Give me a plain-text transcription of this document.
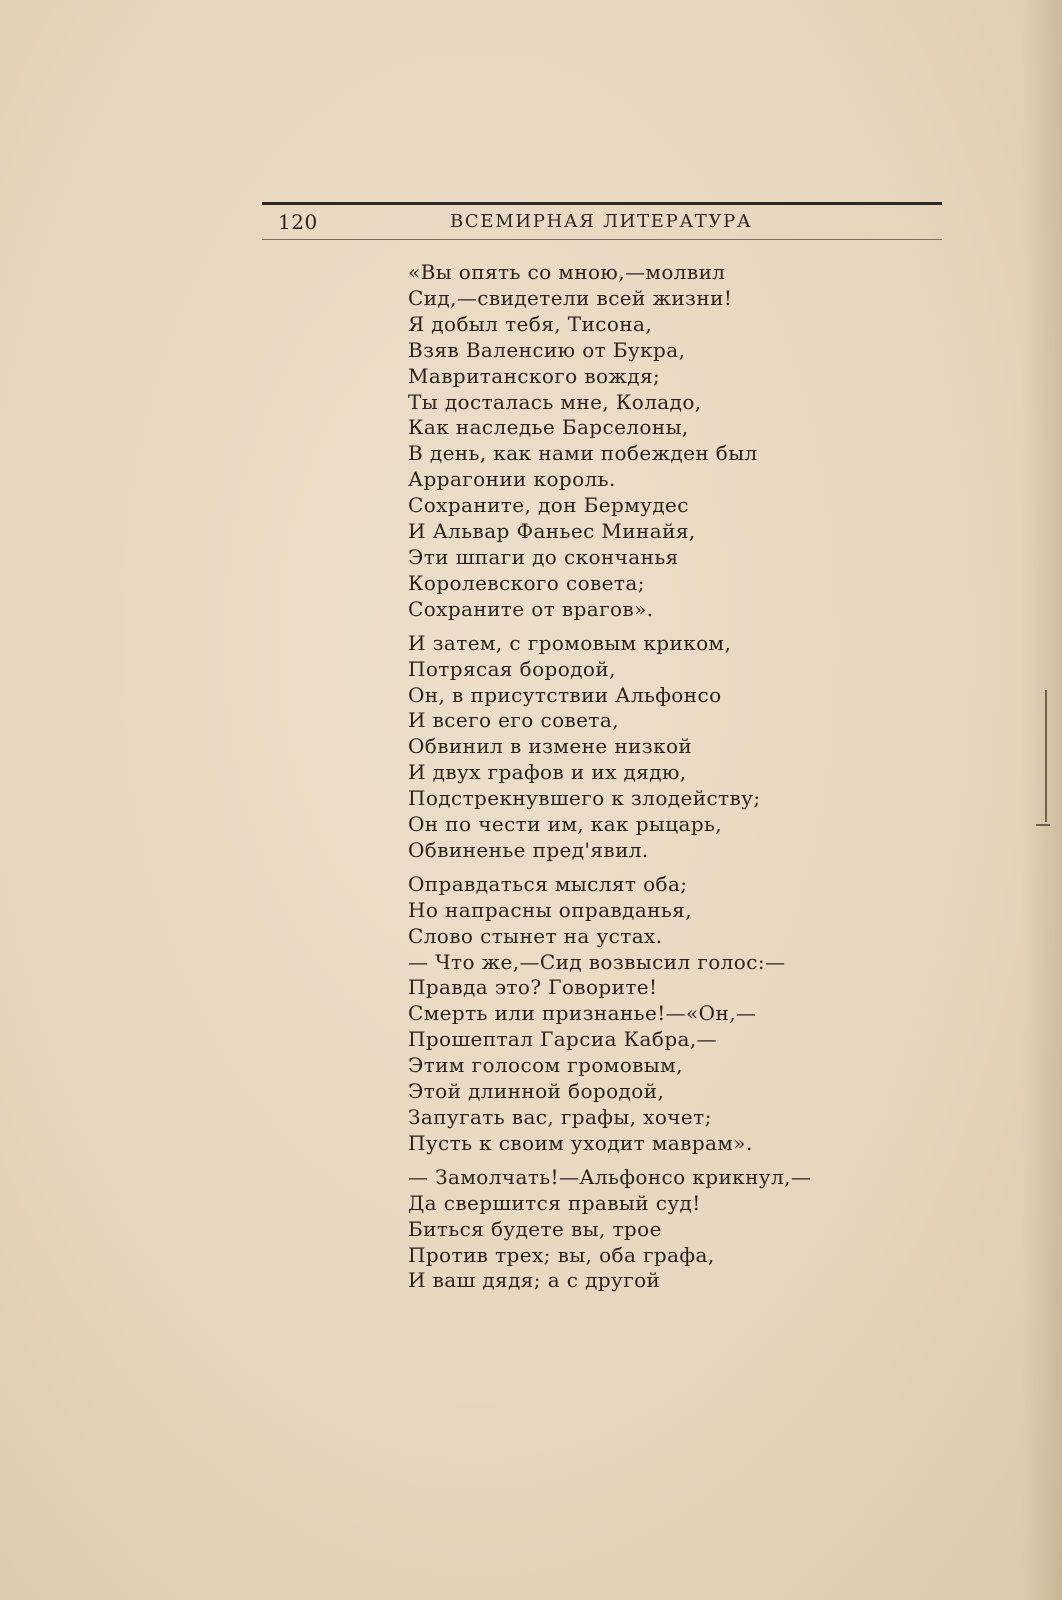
120	ВСЕМИРНАЯ ЛИТЕРАТУРА
«Вы опять со мною,—молвил
Сид,—свидетели всей жизни!
Я добыл тебя, Тисона,
Взяв Валенсию от Букра,
Мавританского вождя;
Ты досталась мне, Коладо,
Как наследье Барселоны,
В день, как нами побежден был
Аррагонии король.
Сохраните, дон Бермудес
И Альвар Фаньес Минайя,
Эти шпаги до скончанья
Королевского совета;
Сохраните от врагов».
И затем, с громовым криком,
Потрясая бородой,
Он, в присутствии Альфонсо
И всего его совета,
Обвинил в измене низкой
И двух графов и их дядю,
Подстрекнувшего к злодейству;
Он по чести им, как рыцарь,
Обвиненье пред'явил.
Оправдаться мыслят оба;
Но напрасны оправданья,
Слово стынет на устах.
— Что же,—Сид возвысил голос:—
Правда это? Говорите!
Смерть или признанье!—«Он,—
Прошептал Гарсиа Кабра,—
Этим голосом громовым,
Этой длинной бородой,
Запугать вас, графы, хочет;
Пусть к своим уходит маврам».
— Замолчать!—Альфонсо крикнул,—
Да свершится правый суд!
Биться будете вы, трое
Против трех; вы, оба графа,
И ваш дядя; а с другой
